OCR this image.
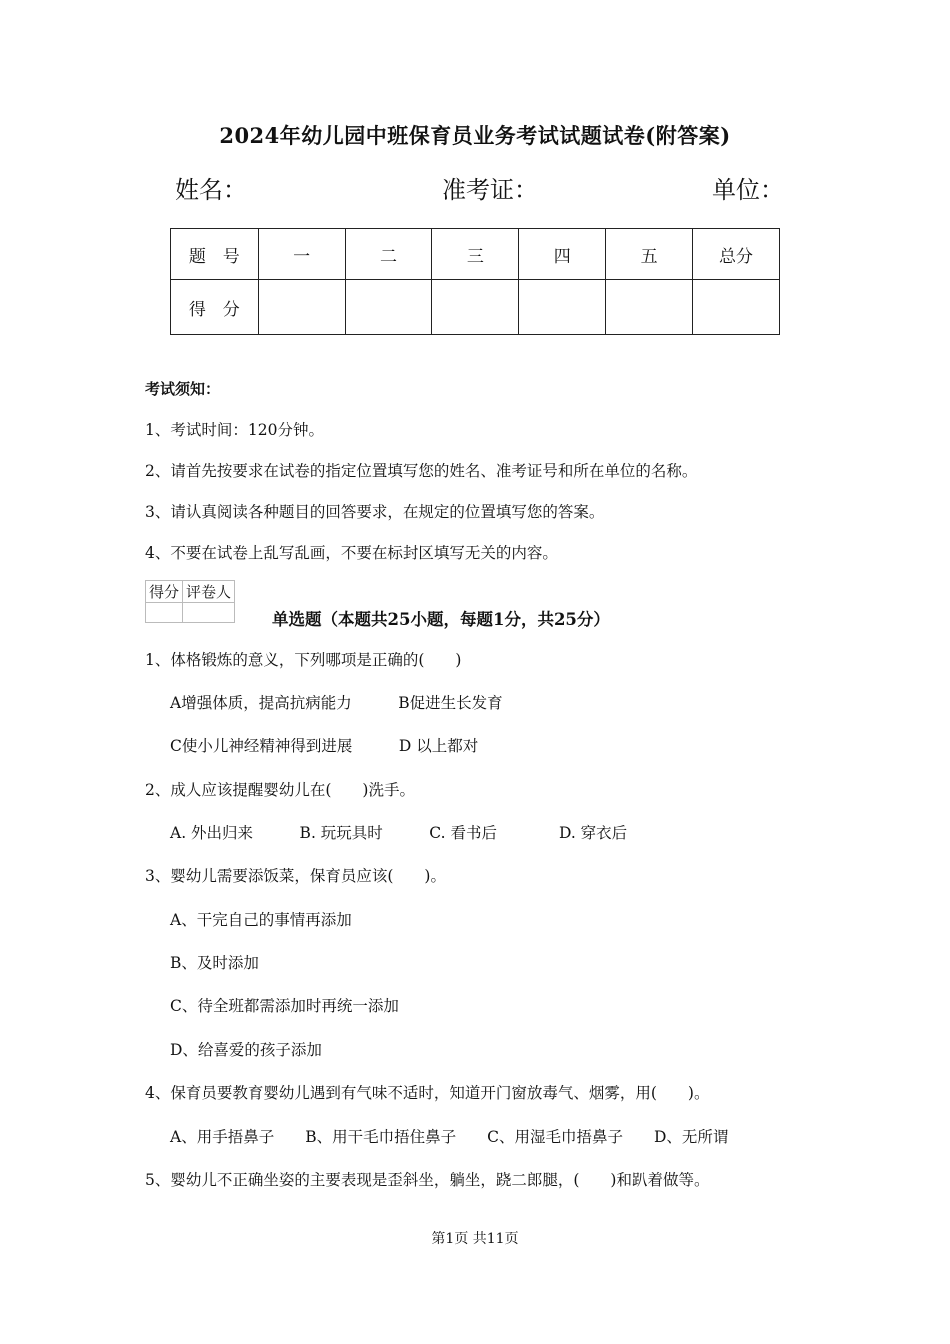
2024年幼儿园中班保育员业务考试试题试卷(附答案)
姓名：	准考证：	单位：
题　号	一	二	三	四	五	总分
得　分						
考试须知：
1、考试时间：120分钟。
2、请首先按要求在试卷的指定位置填写您的姓名、准考证号和所在单位的名称。
3、请认真阅读各种题目的回答要求，在规定的位置填写您的答案。
4、不要在试卷上乱写乱画，不要在标封区填写无关的内容。
得分	评卷人

单选题（本题共25小题，每题1分，共25分）
1、体格锻炼的意义，下列哪项是正确的(　　)
A增强体质，提高抗病能力　　　B促进生长发育
C使小儿神经精神得到进展　　　D 以上都对
2、成人应该提醒婴幼儿在(　　)洗手。
A. 外出归来　　　B. 玩玩具时　　　C. 看书后　　　　D. 穿衣后
3、婴幼儿需要添饭菜，保育员应该(　　)。
A、干完自己的事情再添加
B、及时添加
C、待全班都需添加时再统一添加
D、给喜爱的孩子添加
4、保育员要教育婴幼儿遇到有气味不适时，知道开门窗放毒气、烟雾，用(　　)。
A、用手捂鼻子　　B、用干毛巾捂住鼻子　　C、用湿毛巾捂鼻子　　D、无所谓
5、婴幼儿不正确坐姿的主要表现是歪斜坐，躺坐，跷二郎腿，(　　)和趴着做等。
第1页 共11页
